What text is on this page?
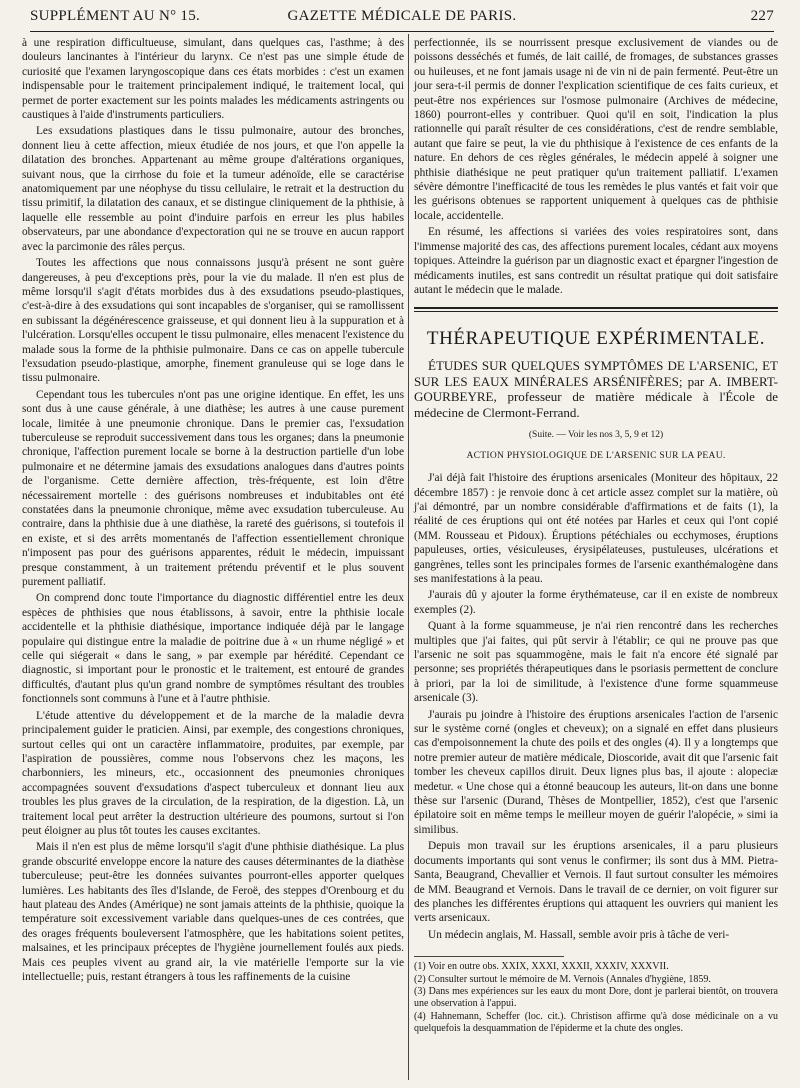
SUPPLÉMENT AU N° 15.	GAZETTE MÉDICALE DE PARIS.	227

à une respiration difficultueuse, simulant, dans quelques cas, l'asthme; à des douleurs lancinantes à l'intérieur du larynx. Ce n'est pas une simple étude de curiosité que l'examen laryngoscopique dans ces états morbides : c'est un examen indispensable pour le traitement principalement indiqué, le traitement local, qui permet de porter exactement sur les points malades les médicaments astringents ou caustiques à l'aide d'instruments particuliers.

Les exsudations plastiques dans le tissu pulmonaire, autour des bronches, donnent lieu à cette affection, mieux étudiée de nos jours, et que l'on appelle la dilatation des bronches. Appartenant au même groupe d'altérations organiques, suivant nous, que la cirrhose du foie et la tumeur adénoïde, elle se caractérise anatomiquement par une néophyse du tissu cellulaire, le retrait et la destruction du tissu primitif, la dilatation des canaux, et se distingue cliniquement de la phthisie, à laquelle elle ressemble au point d'induire parfois en erreur les plus habiles observateurs, par une abondance d'expectoration qui ne se trouve en aucun rapport avec la parcimonie des râles perçus.

Toutes les affections que nous connaissons jusqu'à présent ne sont guère dangereuses, à peu d'exceptions près, pour la vie du malade. Il n'en est plus de même lorsqu'il s'agit d'états morbides dus à des exsudations pseudo-plastiques, c'est-à-dire à des exsudations qui sont incapables de s'organiser, qui se ramollissent en subissant la dégénérescence graisseuse, et qui donnent lieu à la suppuration et à l'ulcération. Lorsqu'elles occupent le tissu pulmonaire, elles menacent l'existence du malade sous la forme de la phthisie pulmonaire. Dans ce cas on appelle tubercule l'exsudation pseudo-plastique, amorphe, finement granuleuse qui se loge dans le tissu pulmonaire.

Cependant tous les tubercules n'ont pas une origine identique. En effet, les uns sont dus à une cause générale, à une diathèse; les autres à une cause purement locale, limitée à une pneumonie chronique. Dans le premier cas, l'exsudation tuberculeuse se reproduit successivement dans tous les organes; dans la pneumonie chronique, l'affection purement locale se borne à la destruction partielle d'un lobe pulmonaire et ne détermine jamais des exsudations analogues dans d'autres points de l'organisme. Cette dernière affection, très-fréquente, est loin d'être nécessairement mortelle : des guérisons nombreuses et indubitables ont été constatées dans la pneumonie chronique, même avec exsudation tuberculeuse. Au contraire, dans la phthisie due à une diathèse, la rareté des guérisons, si toutefois il en existe, et si des arrêts momentanés de l'affection essentiellement chronique n'imposent pas pour des guérisons apparentes, réduit le médecin, impuissant presque constamment, à un traitement prétendu préventif et le plus souvent purement palliatif.

On comprend donc toute l'importance du diagnostic différentiel entre les deux espèces de phthisies que nous établissons, à savoir, entre la phthisie locale accidentelle et la phthisie diathésique, importance indiquée déjà par le langage populaire qui distingue entre la maladie de poitrine due à « un rhume négligé » et celle qui siégerait « dans le sang, » par exemple par hérédité. Cependant ce diagnostic, si important pour le pronostic et le traitement, est entouré de grandes difficultés, d'autant plus qu'un grand nombre de symptômes résultant des troubles fonctionnels sont communs à l'une et à l'autre phthisie.

L'étude attentive du développement et de la marche de la maladie devra principalement guider le praticien. Ainsi, par exemple, des congestions chroniques, surtout celles qui ont un caractère inflammatoire, produites, par exemple, par l'aspiration de poussières, comme nous l'observons chez les maçons, les charbonniers, les mineurs, etc., occasionnent des pneumonies chroniques accompagnées souvent d'exsudations d'aspect tuberculeux et donnant lieu aux troubles les plus graves de la circulation, de la respiration, de la digestion. Là, un traitement local peut arrêter la destruction ultérieure des poumons, surtout si l'on peut éloigner au plus tôt toutes les causes excitantes.

Mais il n'en est plus de même lorsqu'il s'agit d'une phthisie diathésique. La plus grande obscurité enveloppe encore la nature des causes déterminantes de la diathèse tuberculeuse; peut-être les données suivantes pourront-elles apporter quelques lumières. Les habitants des îles d'Islande, de Feroë, des steppes d'Orenbourg et du haut plateau des Andes (Amérique) ne sont jamais atteints de la phthisie, quoique la température soit excessivement variable dans quelques-unes de ces contrées, que des orages fréquents bouleversent l'atmosphère, que les habitations soient petites, malsaines, et les principaux préceptes de l'hygiène journellement foulés aux pieds. Mais ces peuples vivent au grand air, la vie matérielle l'emporte sur la vie intellectuelle; puis, restant étrangers à tous les raffinements de la cuisine

perfectionnée, ils se nourrissent presque exclusivement de viandes ou de poissons desséchés et fumés, de lait caillé, de fromages, de substances grasses ou huileuses, et ne font jamais usage ni de vin ni de pain fermenté. Peut-être un jour sera-t-il permis de donner l'explication scientifique de ces faits curieux, et peut-être nos expériences sur l'osmose pulmonaire (Archives de médecine, 1860) pourront-elles y contribuer. Quoi qu'il en soit, l'indication la plus rationnelle qui paraît résulter de ces considérations, c'est de rendre semblable, autant que faire se peut, la vie du phthisique à l'existence de ces enfants de la nature. En dehors de ces règles générales, le médecin appelé à soigner une phthisie diathésique ne peut pratiquer qu'un traitement palliatif. L'examen sévère démontre l'inefficacité de tous les remèdes le plus vantés et fait voir que les guérisons obtenues se rapportent uniquement à quelques cas de phthisie locale, accidentelle.

En résumé, les affections si variées des voies respiratoires sont, dans l'immense majorité des cas, des affections purement locales, cédant aux moyens topiques. Atteindre la guérison par un diagnostic exact et épargner l'ingestion de médicaments inutiles, est sans contredit un résultat pratique qui doit satisfaire autant le médecin que le malade.

THÉRAPEUTIQUE EXPÉRIMENTALE.

ÉTUDES SUR QUELQUES SYMPTÔMES DE L'ARSENIC, ET SUR LES EAUX MINÉRALES ARSÉNIFÈRES; par A. IMBERT-GOURBEYRE, professeur de matière médicale à l'École de médecine de Clermont-Ferrand.

(Suite. — Voir les nos 3, 5, 9 et 12)
ACTION PHYSIOLOGIQUE DE L'ARSENIC SUR LA PEAU.

J'ai déjà fait l'histoire des éruptions arsenicales (Moniteur des hôpitaux, 22 décembre 1857) : je renvoie donc à cet article assez complet sur la matière, où j'ai démontré, par un nombre considérable d'affirmations et de faits (1), la réalité de ces éruptions qui ont été notées par Harles et ceux qui l'ont copié (MM. Rousseau et Pidoux). Éruptions pétéchiales ou ecchymoses, éruptions papuleuses, orties, vésiculeuses, érysipélateuses, pustuleuses, ulcérations et gangrènes, telles sont les principales formes de l'arsenic exanthémalogène dans ses manifestations à la peau.

J'aurais dû y ajouter la forme érythémateuse, car il en existe de nombreux exemples (2).

Quant à la forme squammeuse, je n'ai rien rencontré dans les recherches multiples que j'ai faites, qui pût servir à l'établir; ce qui ne prouve pas que l'arsenic ne soit pas squammogène, mais le fait n'a encore été signalé par personne; ses propriétés thérapeutiques dans le psoriasis permettent de conclure à priori, par la loi de similitude, à l'existence d'une forme squammeuse arsenicale (3).

J'aurais pu joindre à l'histoire des éruptions arsenicales l'action de l'arsenic sur le système corné (ongles et cheveux); on a signalé en effet dans plusieurs cas d'empoisonnement la chute des poils et des ongles (4). Il y a longtemps que notre premier auteur de matière médicale, Dioscoride, avait dit que l'arsenic fait tomber les cheveux capillos diruit. Deux lignes plus bas, il ajoute : alopeciæ medetur. « Une chose qui a étonné beaucoup les auteurs, lit-on dans une bonne thèse sur l'arsenic (Durand, Thèses de Montpellier, 1852), c'est que l'arsenic épilatoire soit en même temps le meilleur moyen de guérir l'alopécie, » simi ia similibus.

Depuis mon travail sur les éruptions arsenicales, il a paru plusieurs documents importants qui sont venus le confirmer; ils sont dus à MM. Pietra-Santa, Beaugrand, Chevallier et Vernois. Il faut surtout consulter les mémoires de MM. Beaugrand et Vernois. Dans le travail de ce dernier, on voit figurer sur des planches les différentes éruptions qui attaquent les ouvriers qui manient les verts arsenicaux.

Un médecin anglais, M. Hassall, semble avoir pris à tâche de veri-

(1) Voir en outre obs. XXIX, XXXI, XXXII, XXXIV, XXXVII.
(2) Consulter surtout le mémoire de M. Vernois (Annales d'hygiène, 1859.
(3) Dans mes expériences sur les eaux du mont Dore, dont je parlerai bientôt, on trouvera une observation à l'appui.
(4) Hahnemann, Scheffer (loc. cit.). Christison affirme qu'à dose médicinale on a vu quelquefois la desquammation de l'épiderme et la chute des ongles.
